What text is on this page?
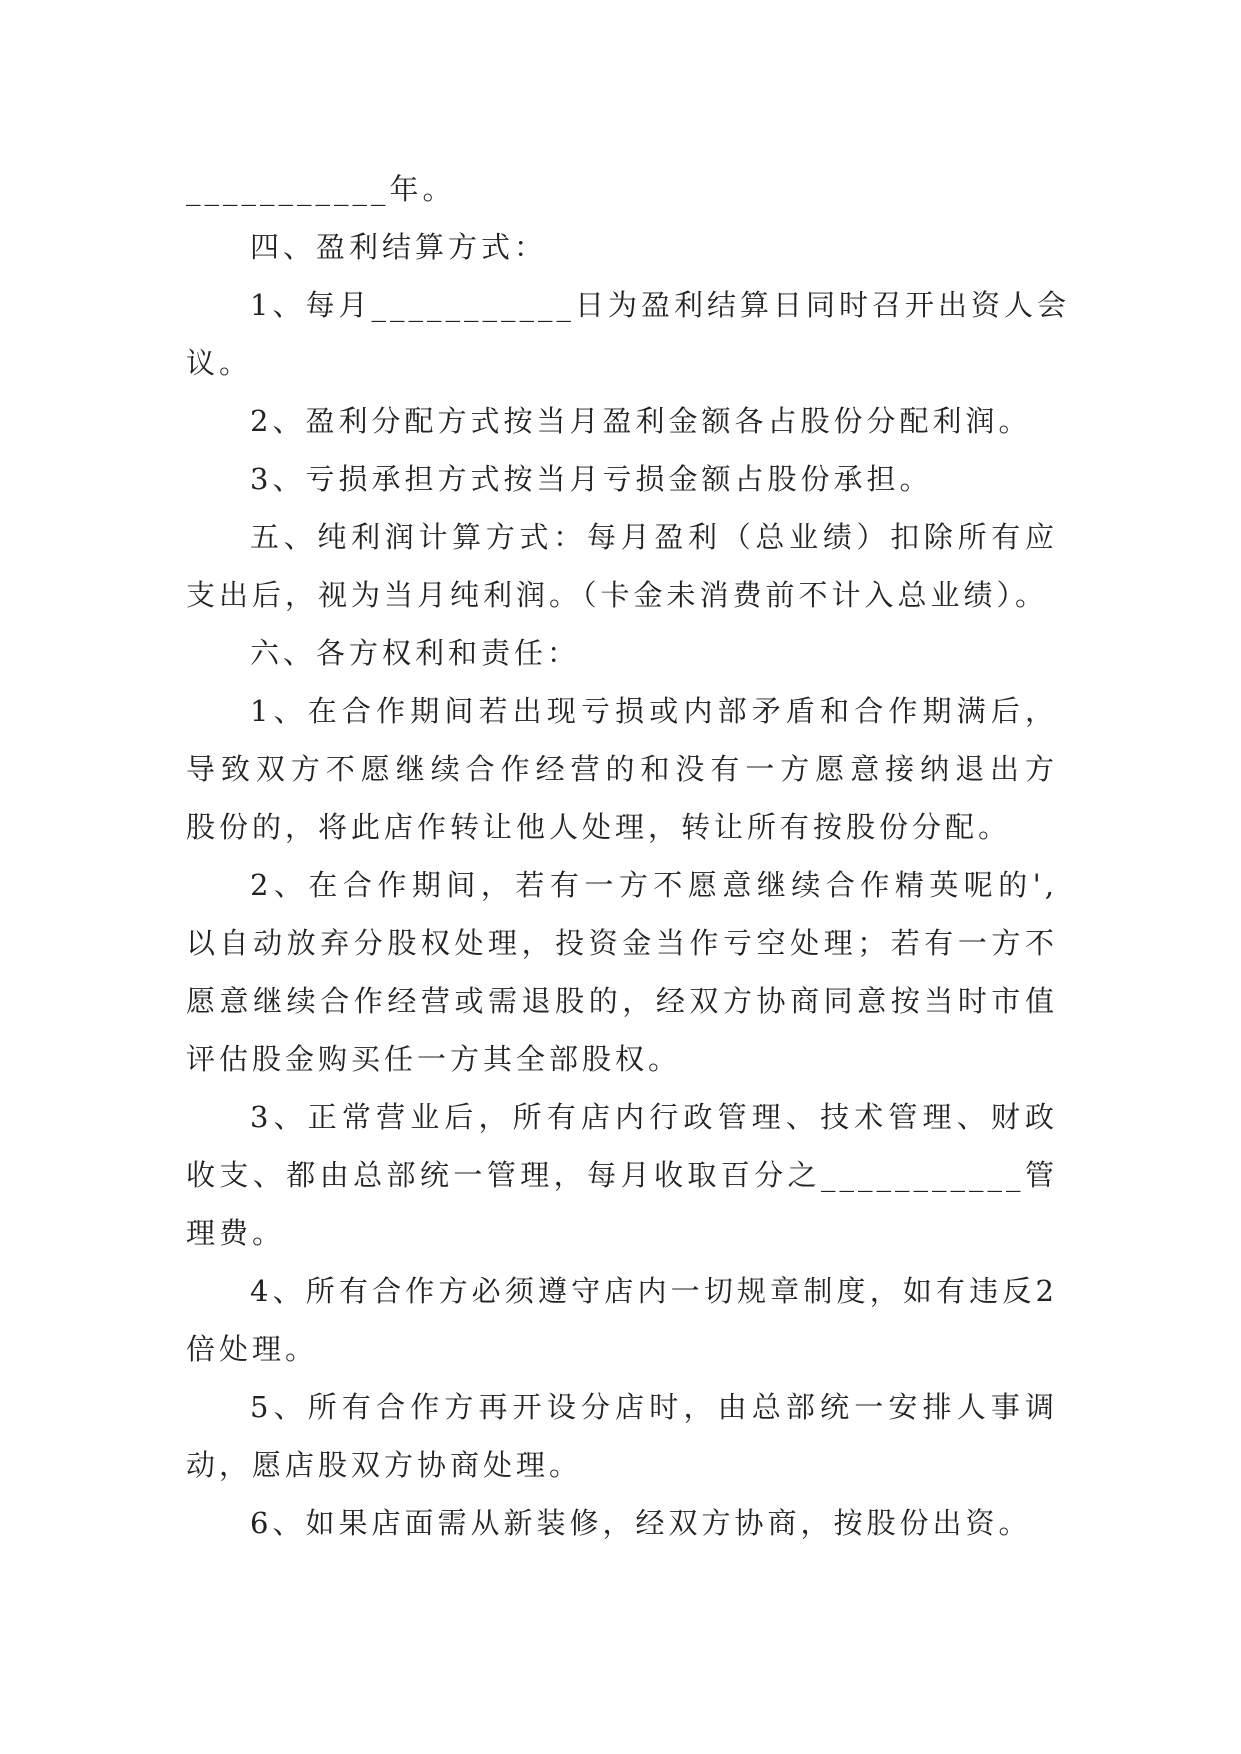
___________年。
四、盈利结算方式：
1、每月___________日为盈利结算日同时召开出资人会
议。
2、盈利分配方式按当月盈利金额各占股份分配利润。
3、亏损承担方式按当月亏损金额占股份承担。
五、纯利润计算方式：每月盈利（总业绩）扣除所有应
支出后，视为当月纯利润。（卡金未消费前不计入总业绩）。
六、各方权利和责任：
1、在合作期间若出现亏损或内部矛盾和合作期满后，
导致双方不愿继续合作经营的和没有一方愿意接纳退出方
股份的，将此店作转让他人处理，转让所有按股份分配。
2、在合作期间，若有一方不愿意继续合作精英呢的',
以自动放弃分股权处理，投资金当作亏空处理；若有一方不
愿意继续合作经营或需退股的，经双方协商同意按当时市值
评估股金购买任一方其全部股权。
3、正常营业后，所有店内行政管理、技术管理、财政
收支、都由总部统一管理，每月收取百分之___________管
理费。
4、所有合作方必须遵守店内一切规章制度，如有违反2
倍处理。
5、所有合作方再开设分店时，由总部统一安排人事调
动，愿店股双方协商处理。
6、如果店面需从新装修，经双方协商，按股份出资。
